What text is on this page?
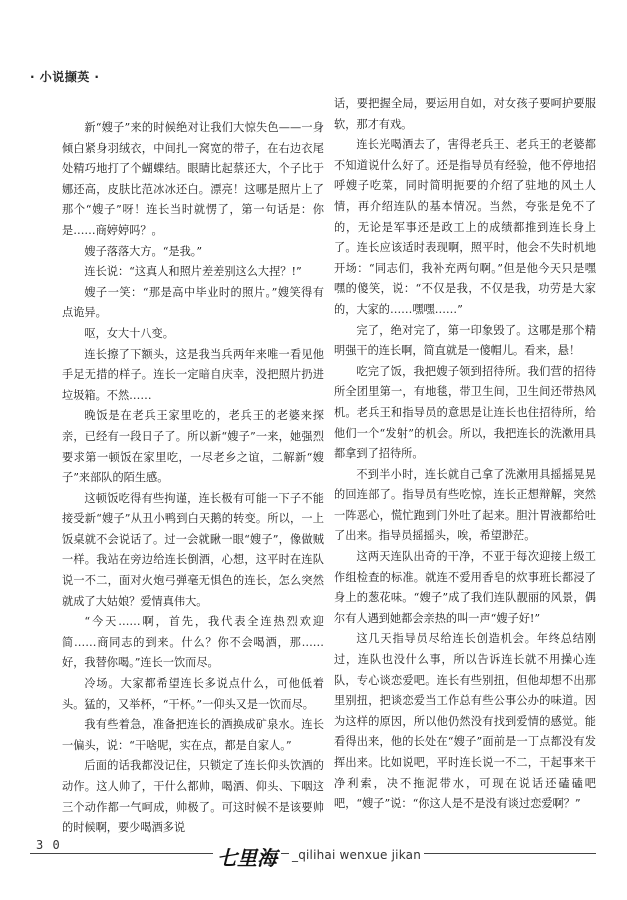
· 小说撷英 ·

新“嫂子”来的时候绝对让我们大惊失色——一身倾白紧身羽绒衣，中间扎一窝宽的带子，在右边衣尾处精巧地打了个蝴蝶结。眼睛比起蔡还大，个子比于娜还高，皮肤比范冰冰还白。漂亮！这哪是照片上了那个“嫂子”呀！连长当时就愣了，第一句话是：你是……商婷婷吗？。

嫂子落落大方。“是我。”

连长说：“这真人和照片差差别这么大捏？!”

嫂子一笑：“那是高中毕业时的照片。”嫂笑得有点诡异。

呕，女大十八变。

连长擦了下额头，这是我当兵两年来唯一看见他手足无措的样子。连长一定暗自庆幸，没把照片扔进垃圾箱。不然……

晚饭是在老兵王家里吃的，老兵王的老婆来探亲，已经有一段日子了。所以新“嫂子”一来，她强烈要求第一顿饭在家里吃，一尽老乡之谊，二解新“嫂子”来部队的陌生感。

这顿饭吃得有些拘谨，连长极有可能一下子不能接受新“嫂子”从丑小鸭到白天鹅的转变。所以，一上饭桌就不会说话了。过一会就瞅一眼“嫂子”，像做贼一样。我站在旁边给连长倒酒，心想，这平时在连队说一不二，面对火炮弓弹毫无惧色的连长，怎么突然就成了大姑娘？爱情真伟大。

“今天……啊，首先，我代表全连热烈欢迎简……商同志的到来。什么？你不会喝酒，那……好，我替你喝。”连长一饮而尽。

冷场。大家都希望连长多说点什么，可他低着头。猛的，又举杯，“干杯。”一仰头又是一饮而尽。

我有些着急，准备把连长的酒换成矿泉水。连长一偏头，说：“干啥呢，实在点，都是自家人。”

后面的话我都没记住，只锁定了连长仰头饮酒的动作。这人帅了，干什么都帅，喝酒、仰头、下咽这三个动作都一气呵成，帅极了。可这时候不是该要帅的时候啊，要少喝酒多说

话，要把握全局，要运用自如，对女孩子要呵护要服软，那才有戏。

连长光喝酒去了，害得老兵王、老兵王的老婆都不知道说什么好了。还是指导员有经验，他不停地招呼嫂子吃菜，同时简明扼要的介绍了驻地的风土人情，再介绍连队的基本情况。当然，夸张是免不了的，无论是军事还是政工上的成绩都推到连长身上了。连长应该适时表现啊，照平时，他会不失时机地开场：“同志们，我补充两句啊。”但是他今天只是嘿嘿的傻笑，说：“不仅是我，不仅是我，功劳是大家的，大家的……嘿嘿……”

完了，绝对完了，第一印象毁了。这哪是那个精明强干的连长啊，简直就是一傻帽儿。看来，悬！

吃完了饭，我把嫂子领到招待所。我们营的招待所全团里第一，有地毯，带卫生间，卫生间还带热风机。老兵王和指导员的意思是让连长也住招待所，给他们一个“发射”的机会。所以，我把连长的洗漱用具都拿到了招待所。

不到半小时，连长就自己拿了洗漱用具摇摇晃晃的回连部了。指导员有些吃惊，连长正想辩解，突然一阵恶心，慌忙跑到门外吐了起来。胆汁胃液都给吐了出来。指导员摇摇头，唉，希望渺茫。

这两天连队出奇的干净，不亚于每次迎接上级工作组检查的标准。就连不爱用香皂的炊事班长都浸了身上的葱花味。“嫂子”成了我们连队靓丽的风景，偶尔有人遇到她都会亲热的叫一声“嫂子好!”

这几天指导员尽给连长创造机会。年终总结刚过，连队也没什么事，所以告诉连长就不用操心连队，专心谈恋爱吧。连长有些别扭，但他却想不出那里别扭，把谈恋爱当工作总有些公事公办的味道。因为这样的原因，所以他仍然没有找到爱情的感觉。能看得出来，他的长处在“嫂子”面前是一丁点都没有发挥出来。比如说吧，平时连长说一不二，干起事来干净利索，决不拖泥带水，可现在说话还磕磕吧吧，“嫂子”说：“你这人是不是没有谈过恋爱啊？”

3 0
七里海	_qilihai wenxue jikan
